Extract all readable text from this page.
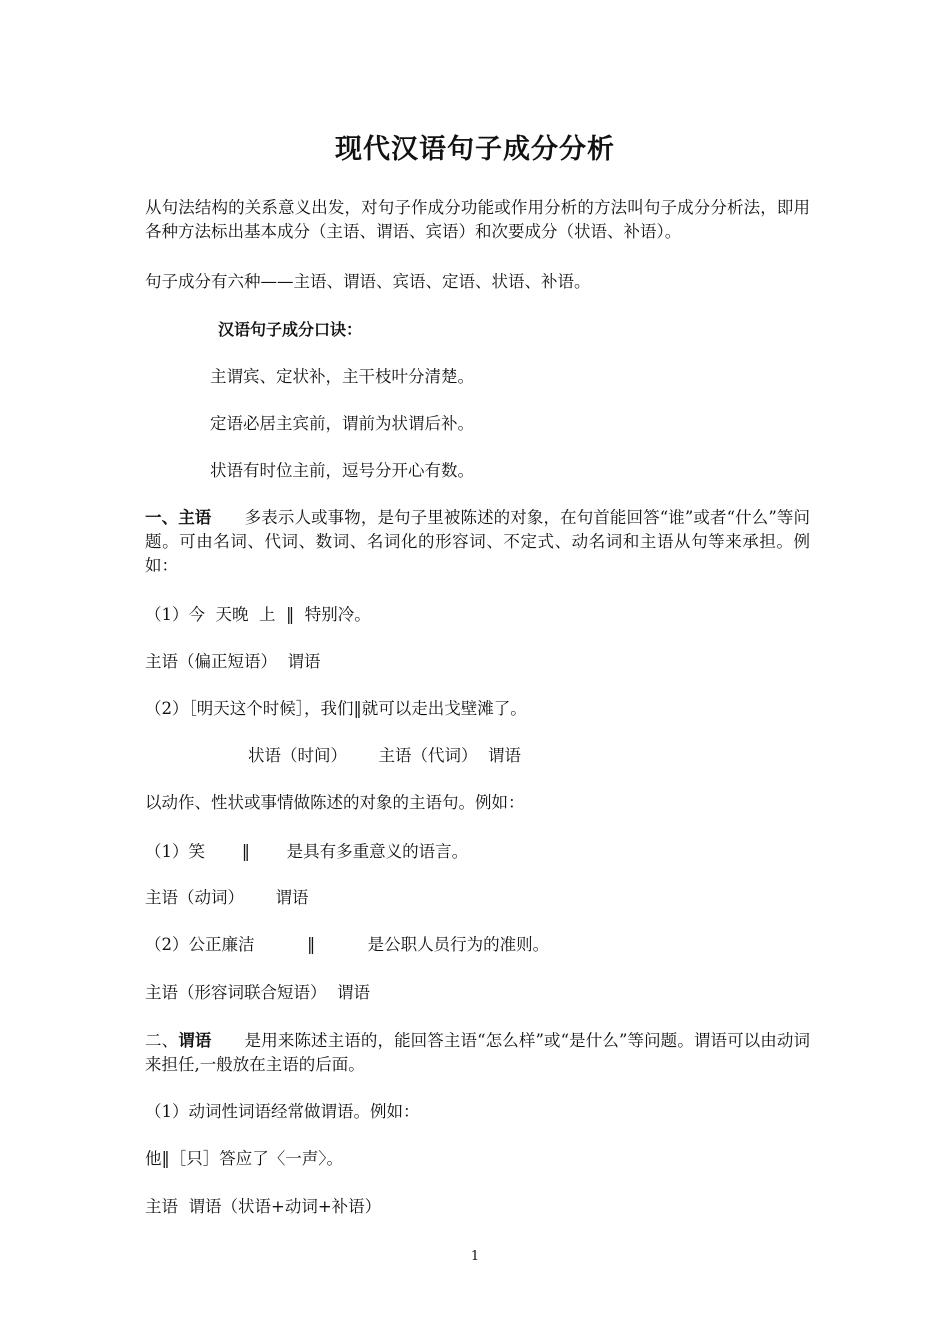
现代汉语句子成分分析
从句法结构的关系意义出发，对句子作成分功能或作用分析的方法叫句子成分分析法，即用各种方法标出基本成分（主语、谓语、宾语）和次要成分（状语、补语）。
句子成分有六种——主语、谓语、宾语、定语、状语、补语。
汉语句子成分口诀：
主谓宾、定状补，主干枝叶分清楚。
定语必居主宾前，谓前为状谓后补。
状语有时位主前，逗号分开心有数。
一、主语　　多表示人或事物，是句子里被陈述的对象，在句首能回答“谁”或者“什么”等问题。可由名词、代词、数词、名词化的形容词、不定式、动名词和主语从句等来承担。例如：
（1）今  天晚  上  ‖  特别冷。
主语（偏正短语）  谓语
（2）［明天这个时候］，我们‖就可以走出戈壁滩了。
状语（时间）      主语（代词）  谓语
以动作、性状或事情做陈述的对象的主语句。例如：
（1）笑       ‖       是具有多重意义的语言。
主语（动词）      谓语
（2）公正廉洁          ‖          是公职人员行为的准则。
主语（形容词联合短语）  谓语
二、谓语　　是用来陈述主语的，能回答主语“怎么样”或“是什么”等问题。谓语可以由动词来担任,一般放在主语的后面。
（1）动词性词语经常做谓语。例如：
他‖［只］答应了〈一声〉。
主语  谓语（状语+动词+补语）
1
